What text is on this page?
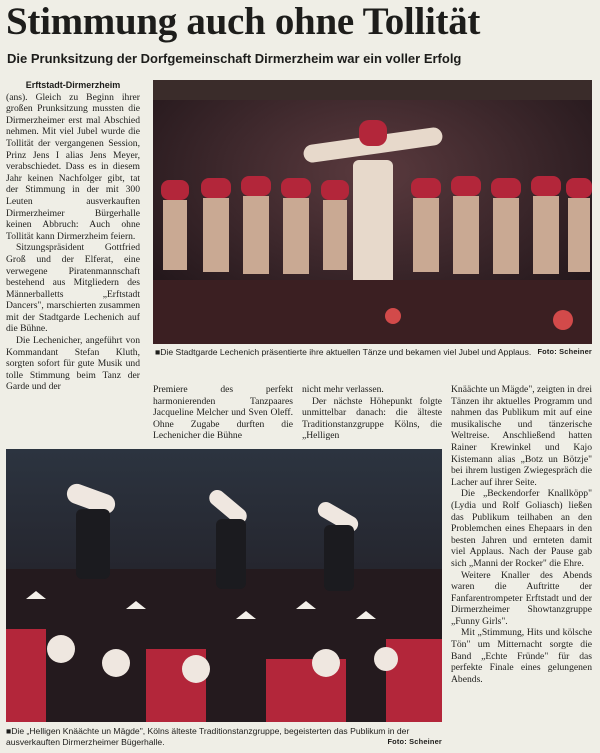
Stimmung auch ohne Tollität
Die Prunksitzung der Dorfgemeinschaft Dirmerzheim war ein voller Erfolg
Erftstadt-Dirmerzheim

(ans). Gleich zu Beginn ihrer großen Prunksitzung mussten die Dirmerzheimer erst mal Abschied nehmen. Mit viel Jubel wurde die Tollität der vergangenen Session, Prinz Jens I alias Jens Meyer, verabschiedet. Dass es in diesem Jahr keinen Nachfolger gibt, tat der Stimmung in der mit 300 Leuten ausverkauften Dirmerzheimer Bürgerhalle keinen Abbruch: Auch ohne Tollität kann Dirmerzheim feiern.

Sitzungspräsident Gottfried Groß und der Elferat, eine verwegene Piratenmannschaft bestehend aus Mitgliedern des Männerballetts „Erftstadt Dancers", marschierten zusammen mit der Stadtgarde Lechenich auf die Bühne.

Die Lechenicher, angeführt von Kommandant Stefan Kluth, sorgten sofort für gute Musik und tolle Stimmung beim Tanz der Garde und der

■Die Stadtgarde Lechenich präsentierte ihre aktuellen Tänze und bekamen viel Jubel und Applaus. Foto: Scheiner

Premiere des perfekt harmonierenden Tanzpaares Jacqueline Melcher und Sven Oleff. Ohne Zugabe durften die Lechenicher die Bühne

nicht mehr verlassen.

Der nächste Höhepunkt folgte unmittelbar danach: die älteste Traditionstanzgruppe Kölns, die „Helligen

Knäächte un Mägde", zeigten in drei Tänzen ihr aktuelles Programm und nahmen das Publikum mit auf eine musikalische und tänzerische Weltreise. Anschließend hatten Rainer Krewinkel und Kajo Kistemann alias „Botz un Bötzje" bei ihrem lustigen Zwiegespräch die Lacher auf ihrer Seite.

Die „Beckendorfer Knallköpp" (Lydia und Rolf Goliasch) ließen das Publikum teilhaben an den Problemchen eines Ehepaars in den besten Jahren und ernteten damit viel Applaus. Nach der Pause gab sich „Manni der Rocker" die Ehre.

Weitere Knaller des Abends waren die Auftritte der Fanfarentrompeter Erftstadt und der Dirmerzheimer Showtanzgruppe „Funny Girls".

Mit „Stimmung, Hits und kölsche Tön" um Mitternacht sorgte die Band „Echte Fründe" für das perfekte Finale eines gelungenen Abends.

■Die „Helligen Knäächte un Mägde", Kölns älteste Traditionstanzgruppe, begeisterten das Publikum in der ausverkauften Dirmerzheimer Bügerhalle.	Foto: Scheiner
